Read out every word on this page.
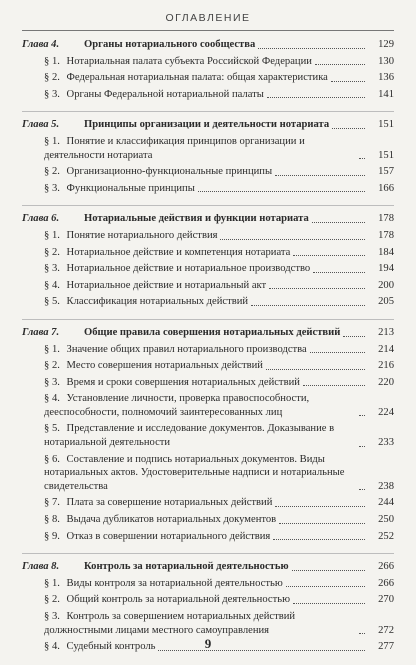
ОГЛАВЛЕНИЕ
Глава 4.	Органы нотариального сообщества	129
§ 1. Нотариальная палата субъекта Российской Федерации	130
§ 2. Федеральная нотариальная палата: общая характеристика	136
§ 3. Органы Федеральной нотариальной палаты	141
Глава 5.	Принципы организации и деятельности нотариата	151
§ 1. Понятие и классификация принципов организации и деятельности нотариата	151
§ 2. Организационно-функциональные принципы	157
§ 3. Функциональные принципы	166
Глава 6.	Нотариальные действия и функции нотариата	178
§ 1. Понятие нотариального действия	178
§ 2. Нотариальное действие и компетенция нотариата	184
§ 3. Нотариальное действие и нотариальное производство	194
§ 4. Нотариальное действие и нотариальный акт	200
§ 5. Классификация нотариальных действий	205
Глава 7.	Общие правила совершения нотариальных действий	213
§ 1. Значение общих правил нотариального производства	214
§ 2. Место совершения нотариальных действий	216
§ 3. Время и сроки совершения нотариальных действий	220
§ 4. Установление личности, проверка правоспособности, дееспособности, полномочий заинтересованных лиц	224
§ 5. Представление и исследование документов. Доказывание в нотариальной деятельности	233
§ 6. Составление и подпись нотариальных документов. Виды нотариальных актов. Удостоверительные надписи и нотариальные свидетельства	238
§ 7. Плата за совершение нотариальных действий	244
§ 8. Выдача дубликатов нотариальных документов	250
§ 9. Отказ в совершении нотариального действия	252
Глава 8.	Контроль за нотариальной деятельностью	266
§ 1. Виды контроля за нотариальной деятельностью	266
§ 2. Общий контроль за нотариальной деятельностью	270
§ 3. Контроль за совершением нотариальных действий должностными лицами местного самоуправления	272
§ 4. Судебный контроль	277
9
